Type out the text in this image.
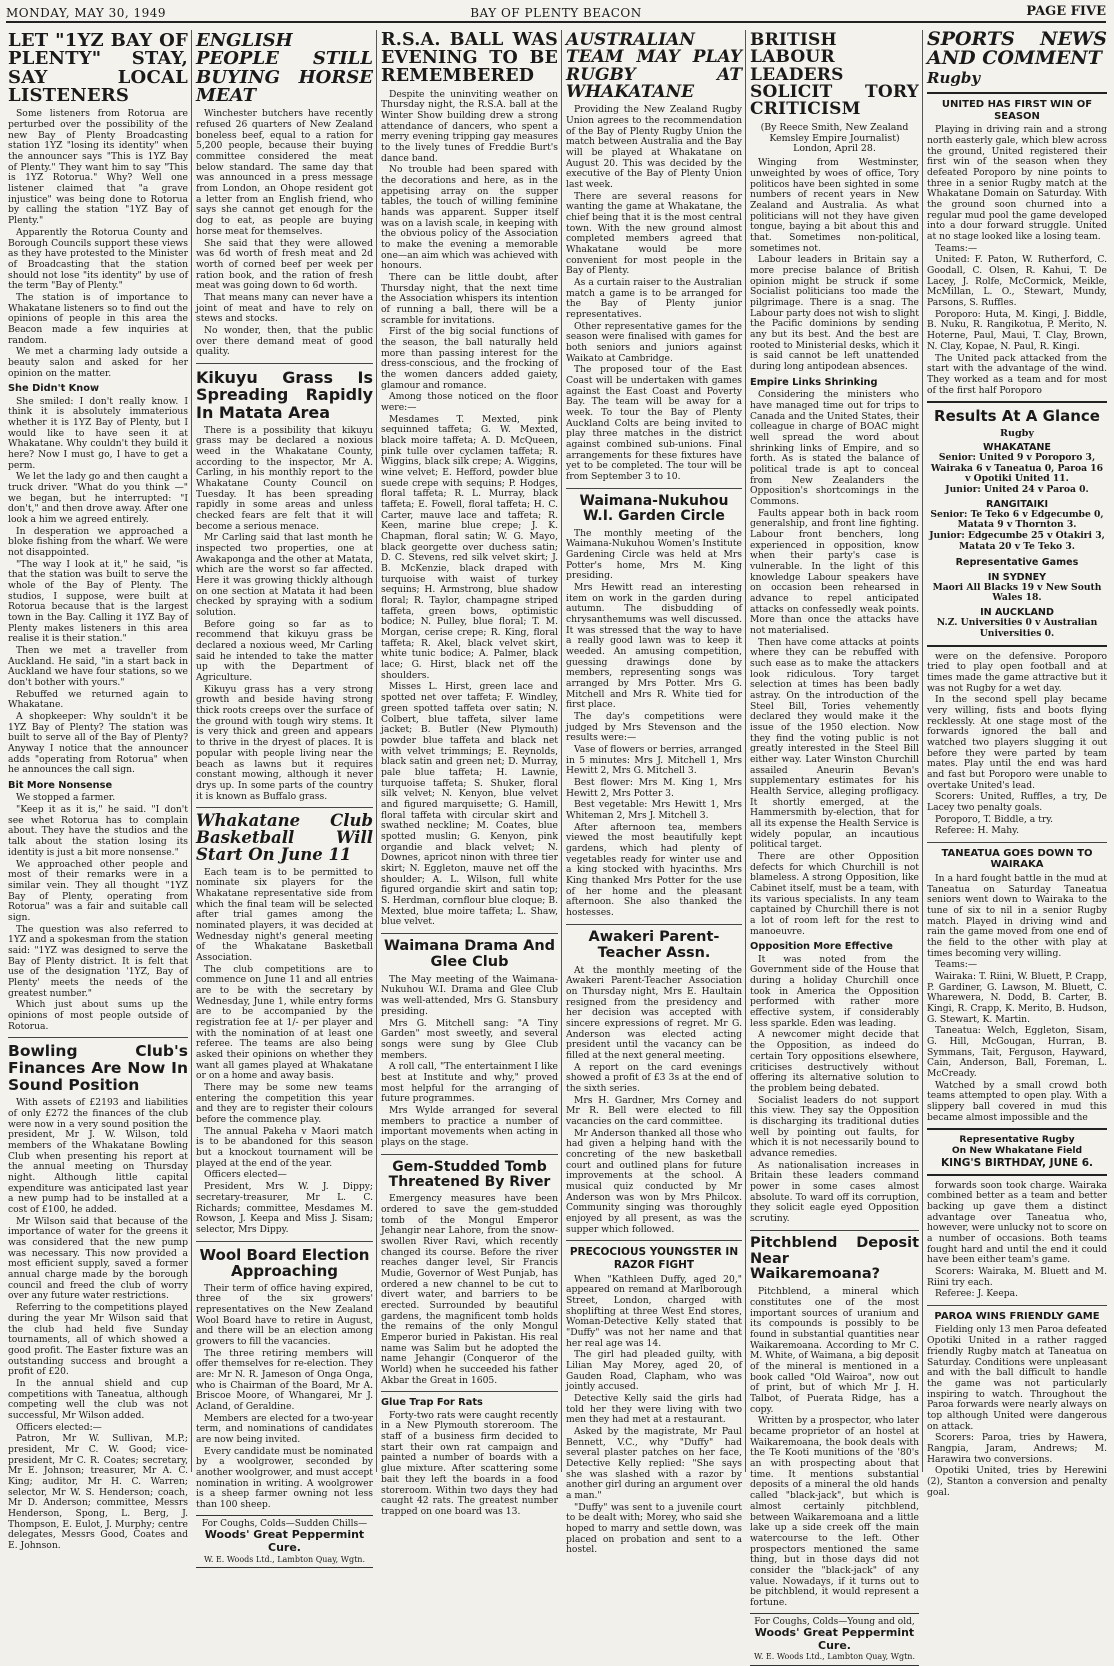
MONDAY, MAY 30, 1949	BAY OF PLENTY BEACON	PAGE FIVE
LET "1YZ BAY OF PLENTY" STAY, SAY LOCAL LISTENERS

Some listeners from Rotorua are perturbed over the possibility of the new Bay of Plenty Broadcasting station 1YZ "losing its identity" when the announcer says "This is 1YZ Bay of Plenty." They want him to say "This is 1YZ Rotorua." Why? Well one listener claimed that "a grave injustice" was being done to Rotorua by calling the station "1YZ Bay of Plenty."

Apparently the Rotorua County and Borough Councils support these views as they have protested to the Minister of Broadcasting that the station should not lose "its identity" by use of the term "Bay of Plenty."

The station is of importance to Whakatane listeners so to find out the opinions of people in this area the Beacon made a few inquiries at random.

We met a charming lady outside a beauty salon and asked for her opinion on the matter.

She Didn't Know

She smiled: I don't really know. I think it is absolutely immaterious whether it is 1YZ Bay of Plenty, but I would like to have seen it at Whakatane. Why couldn't they build it here? Now I must go, I have to get a perm.

We let the lady go and then caught a truck driver. "What do you think —" we began, but he interrupted: "I don't," and then drove away. After one look a him we agreed entirely.

In desperation we approached a bloke fishing from the wharf. We were not disappointed.

"The way I look at it," he said, "is that the station was built to serve the whole of the Bay of Plenty. The studios, I suppose, were built at Rotorua because that is the largest town in the Bay. Calling it 1YZ Bay of Plenty makes listeners in this area realise it is their station."

Then we met a traveller from Auckland. He said, "in a start back in Auckland we have four stations, so we don't bother with yours."

Rebuffed we returned again to Whakatane.

A shopkeeper: Why souldn't it be 1YZ Bay of Plenty? The station was built to serve all of the Bay of Plenty? Anyway I notice that the announcer adds "operating from Rotorua" when he announces the call sign.

Bit More Nonsense

We stopped a farmer.

"Keep it as it is," he said. "I don't see whet Rotorua has to complain about. They have the studios and the talk about the station losing its identity is just a bit more nonsense."

We approached other people and most of their remarks were in a similar vein. They all thought "1YZ Bay of Plenty, operating from Rotorua" was a fair and suitable call sign.

The question was also referred to 1YZ and a spokesman from the station said: "1YZ was designed to serve the Bay of Plenty district. It is felt that use of the designation '1YZ, Bay of Plenty' meets the needs of the greatest number."

Which just about sums up the opinions of most people outside of Rotorua.

Bowling Club's Finances Are Now In Sound Position

With assets of £2193 and liabilities of only £272 the finances of the club were now in a very sound position the president, Mr J. W. Wilson, told members of the Whakatane Bowling Club when presenting his report at the annual meeting on Thursday night. Although little capital expenditure was anticipated last year a new pump had to be installed at a cost of £100, he added.

Mr Wilson said that because of the importance of water for the greens it was considered that the new pump was necessary. This now provided a most efficient supply, saved a former annual charge made by the borough council and freed the club of worry over any future water restrictions.

Referring to the competitions played during the year Mr Wilson said that the club had held five Sunday tournaments, all of which showed a good profit. The Easter fixture was an outstanding success and brought a profit of £20.

In the annual shield and cup competitions with Taneatua, although competing well the club was not successful, Mr Wilson added.

Officers elected:—

Patron, Mr W. Sullivan, M.P.; president, Mr C. W. Good; vice-president, Mr C. R. Coates; secretary, Mr E. Johnson; treasurer, Mr A. C. King; auditor, Mr H. C. Warren; selector, Mr W. S. Henderson; coach, Mr D. Anderson; committee, Messrs Henderson, Spong, L. Berg, J. Thompson, E. Eulot, J. Murphy; centre delegates, Messrs Good, Coates and E. Johnson.

ENGLISH PEOPLE STILL BUYING HORSE MEAT

Winchester butchers have recently refused 26 quarters of New Zealand boneless beef, equal to a ration for 5,200 people, because their buying committee considered the meat below standard. The same day that was announced in a press message from London, an Ohope resident got a letter from an English friend, who says she cannot get enough for the dog to eat, as people are buying horse meat for themselves.

She said that they were allowed was 6d worth of fresh meat and 2d worth of corned beef per week per ration book, and the ration of fresh meat was going down to 6d worth.

That means many can never have a joint of meat and have to rely on stews and stocks.

No wonder, then, that the public over there demand meat of good quality.

Kikuyu Grass Is Spreading Rapidly In Matata Area

There is a possibility that kikuyu grass may be declared a noxious weed in the Whakatane County, according to the inspector, Mr A. Carling, in his monthly report to the Whakatane County Council on Tuesday. It has been spreading rapidly in some areas and unless checked fears are felt that it will become a serious menace.

Mr Carling said that last month he inspected two properties, one at Awakaponga and the other at Matata, which are the worst so far affected. Here it was growing thickly although on one section at Matata it had been checked by spraying with a sodium solution.

Before going so far as to recommend that kikuyu grass be declared a noxious weed, Mr Carling said he intended to take the matter up with the Department of Agriculture.

Kikuyu grass has a very strong growth and beside having strong thick roots creeps over the surface of the ground with tough wiry stems. It is very thick and green and appears to thrive in the dryest of places. It is popular with people living near the beach as lawns but it requires constant mowing, although it never drys up. In some parts of the country it is known as Buffalo grass.

Whakatane Club Basketball Will Start On June 11

Each team is to be permitted to nominate six players for the Whakatane representative side from which the final team will be selected after trial games among the nominated players, it was decided at Wednesday night's general meeting of the Whakatane Basketball Association.

The club competitions are to commence on June 11 and all entries are to be with the secretary by Wednesday, June 1, while entry forms are to be accompanied by the registration fee at 1/- per player and with the nomination of at least one referee. The teams are also being asked their opinions on whether they want all games played at Whakatane or on a home and away basis.

There may be some new teams entering the competition this year and they are to register their colours before the commence play.

The annual Pakeha v Maori match is to be abandoned for this season but a knockout tournament will be played at the end of the year.

Officers elected—

President, Mrs W. J. Dippy; secretary-treasurer, Mr L. C. Richards; committee, Mesdames M. Rowson, J. Keepa and Miss J. Sisam; selector, Mrs Dippy.

Wool Board Election Approaching

Their term of office having expired, three of the six growers' representatives on the New Zealand Wool Board have to retire in August, and there will be an election among growers to fill the vacancies.

The three retiring members will offer themselves for re-election. They are: Mr N. R. Jameson of Onga Onga, who is Chairman of the Board, Mr A. Briscoe Moore, of Whangarei, Mr J. Acland, of Geraldine.

Members are elected for a two-year term, and nominations of candidates are now being invited.

Every candidate must be nominated by a woolgrower, seconded by another woolgrower, and must accept nomination in writing. A woolgrower is a sheep farmer owning not less than 100 sheep.

For Coughs, Colds—Sudden Chills—
Woods' Great Peppermint Cure.
W. E. Woods Ltd., Lambton Quay, Wgtn.
R.S.A. BALL WAS EVENING TO BE REMEMBERED

Despite the uninviting weather on Thursday night, the R.S.A. ball at the Winter Show building drew a strong attendance of dancers, who spent a merry evening tripping gay measures to the lively tunes of Freddie Burt's dance band.

No trouble had been spared with the decorations and here, as in the appetising array on the supper tables, the touch of willing feminine hands was apparent. Supper itself was on a lavish scale, in keeping with the obvious policy of the Association to make the evening a memorable one—an aim which was achieved with honours.

There can be little doubt, after Thursday night, that the next time the Association whispers its intention of running a ball, there will be a scramble for invitations.

First of the big social functions of the season, the ball naturally held more than passing interest for the dress-conscious, and the frocking of the women dancers added gaiety, glamour and romance.

Among those noticed on the floor were:—

Mesdames T. Mexted, pink sequinned taffeta; G. W. Mexted, black moire taffeta; A. D. McQueen, pink tulle over cyclamen taffeta; R. Wiggins, black silk crepe; A. Wiggins, wine velvet; E. Hefford, powder blue suede crepe with sequins; P. Hodges, floral taffeta; R. L. Murray, black taffeta; E. Fowell, floral taffeta; H. C. Carter, mauve lace and taffeta; R. Keen, marine blue crepe; J. K. Chapman, floral satin; W. G. Mayo, black georgette over duchess satin; D. C. Stevens, red silk velvet skirt; J. B. McKenzie, black draped with turquoise with waist of turkey sequins; H. Armstrong, blue shadow floral; R. Taylor, champagne striped taffeta, green bows, optimistic bodice; N. Pulley, blue floral; T. M. Morgan, cerise crepe; R. King, floral taffeta; R. Akel, black velvet skirt, white tunic bodice; A. Palmer, black lace; G. Hirst, black net off the shoulders.

Misses L. Hirst, green lace and spotted net over taffeta; F. Windley, green spotted taffeta over satin; N. Colbert, blue taffeta, silver lame jacket; B. Butler (New Plymouth) powder blue taffeta and black net with velvet trimmings; E. Reynolds, black satin and green net; D. Murray, pale blue taffeta; H. Lawnie, turquoise taffeta; S. Shuker, floral silk velvet; N. Kenyon, blue velvet and figured marquisette; G. Hamill, floral taffeta with circular skirt and swathed neckline; M. Coates, blue spotted muslin; G. Kenyon, pink organdie and black velvet; N. Downes, apricot ninon with three tier skirt; N. Eggleton, mauve net off the shoulder; A. L. Wilson, full white figured organdie skirt and satin top; S. Herdman, cornflour blue cloque; B. Mexted, blue moire taffeta; L. Shaw, blue velvet.

Waimana Drama And Glee Club

The May meeting of the Waimana-Nukuhou W.I. Drama and Glee Club was well-attended, Mrs G. Stansbury presiding.

Mrs G. Mitchell sang: "A Tiny Garden" most sweetly, and several songs were sung by Glee Club members.

A roll call, "The entertainment I like best at Institute and why," proved most helpful for the arranging of future programmes.

Mrs Wylde arranged for several members to practice a number of important movements when acting in plays on the stage.

Gem-Studded Tomb Threatened By River

Emergency measures have been ordered to save the gem-studded tomb of the Mongul Emperor Jehangir near Lahore, from the snow-swollen River Ravi, which recently changed its course. Before the river reaches danger level, Sir Francis Mudie, Governor of West Punjab, has ordered a new channel to be cut to divert water, and barriers to be erected. Surrounded by beautiful gardens, the magnificent tomb holds the remains of the only Mongul Emperor buried in Pakistan. His real name was Salim but he adopted the name Jehangir (Conqueror of the World) when he succeeded his father Akbar the Great in 1605.

Glue Trap For Rats

Forty-two rats were caught recently in a New Plymouth storeroom. The staff of a business firm decided to start their own rat campaign and painted a number of boards with a glue mixture. After scattering some bait they left the boards in a food storeroom. Within two days they had caught 42 rats. The greatest number trapped on one board was 13.

AUSTRALIAN TEAM MAY PLAY RUGBY AT WHAKATANE

Providing the New Zealand Rugby Union agrees to the recommendation of the Bay of Plenty Rugby Union the match between Australia and the Bay will be played at Whakatane on August 20. This was decided by the executive of the Bay of Plenty Union last week.

There are several reasons for wanting the game at Whakatane, the chief being that it is the most central town. With the new ground almost completed members agreed that Whakatane would be more convenient for most people in the Bay of Plenty.

As a curtain raiser to the Australian match a game is to be arranged for the Bay of Plenty junior representatives.

Other representative games for the season were finalised with games for both seniors and juniors against Waikato at Cambridge.

The proposed tour of the East Coast will be undertaken with games against the East Coast and Poverty Bay. The team will be away for a week. To tour the Bay of Plenty Auckland Colts are being invited to play three matches in the district against combined sub-unions. Final arrangements for these fixtures have yet to be completed. The tour will be from September 3 to 10.

Waimana-Nukuhou W.I. Garden Circle

The monthly meeting of the Waimana-Nukuhou Women's Institute Gardening Circle was held at Mrs Potter's home, Mrs M. King presiding.

Mrs Hewitt read an interesting item on work in the garden during autumn. The disbudding of chrysanthemums was well discussed. It was stressed that the way to have a really good lawn was to keep it weeded. An amusing competition, guessing drawings done by members, representing songs was arranged by Mrs Potter. Mrs G. Mitchell and Mrs R. White tied for first place.

The day's competitions were judged by Mrs Stevenson and the results were:—

Vase of flowers or berries, arranged in 5 minutes: Mrs J. Mitchell 1, Mrs Hewitt 2, Mrs G. Mitchell 3.

Best flower: Mrs M. King 1, Mrs Hewitt 2, Mrs Potter 3.

Best vegetable: Mrs Hewitt 1, Mrs Whiteman 2, Mrs J. Mitchell 3.

After afternoon tea, members viewed the most beautifully kept gardens, which had plenty of vegetables ready for winter use and a king stocked with hyacinths. Mrs King thanked Mrs Potter for the use of her home and the pleasant afternoon. She also thanked the hostesses.

Awakeri Parent-Teacher Assn.

At the monthly meeting of the Awakeri Parent-Teacher Association on Thursday night, Mrs E. Haultain resigned from the presidency and her decision was accepted with sincere expressions of regret. Mr G. Anderson was elected acting president until the vacancy can be filled at the next general meeting.

A report on the card evenings showed a profit of £3 3s at the end of the sixth series.

Mrs H. Gardner, Mrs Corney and Mr R. Bell were elected to fill vacancies on the card committee.

Mr Anderson thanked all those who had given a helping hand with the concreting of the new basketball court and outlined plans for future improvements at the school. A musical quiz conducted by Mr Anderson was won by Mrs Philcox. Community singing was thoroughly enjoyed by all present, as was the supper which followed.

PRECOCIOUS YOUNGSTER IN RAZOR FIGHT

When "Kathleen Duffy, aged 20," appeared on remand at Marlborough Street, London, charged with shoplifting at three West End stores, Woman-Detective Kelly stated that "Duffy" was not her name and that her real age was 14.

The girl had pleaded guilty, with Lilian May Morey, aged 20, of Gauden Road, Clapham, who was jointly accused.

Detective Kelly said the girls had told her they were living with two men they had met at a restaurant.

Asked by the magistrate, Mr Paul Bennett, V.C., why "Duffy" had several plaster patches on her face, Detective Kelly replied: "She says she was slashed with a razor by another girl during an argument over a man."

"Duffy" was sent to a juvenile court to be dealt with; Morey, who said she hoped to marry and settle down, was placed on probation and sent to a hostel.

BRITISH LABOUR LEADERS SOLICIT TORY CRITICISM
(By Reece Smith, New Zealand
Kemsley Empire Journalist)
London, April 28.

Winging from Westminster, unweighted by woes of office, Tory politicos have been sighted in some numbers of recent years in New Zealand and Australia. As what politicians will not they have given tongue, baying a bit about this and that. Sometimes non-political, sometimes not.

Labour leaders in Britain say a more precise balance of British opinion might be struck if some Socialist politicians too made the pilgrimage. There is a snag. The Labour party does not wish to slight the Pacific dominions by sending any but its best. And the best are rooted to Ministerial desks, which it is said cannot be left unattended during long antipodean absences.

Empire Links Shrinking

Considering the ministers who have managed time out for trips to Canada and the United States, their colleague in charge of BOAC might well spread the word about shrinking links of Empire, and so forth. As is stated the balance of political trade is apt to conceal from New Zealanders the Opposition's shortcomings in the Commons.

Faults appear both in back room generalship, and front line fighting. Labour front benchers, long experienced in opposition, know when their party's case is vulnerable. In the light of this knowledge Labour speakers have on occasion been rehearsed in advance to repel anticipated attacks on confessedly weak points. More than once the attacks have not materialised.

Then have come attacks at points where they can be rebuffed with such ease as to make the attackers look ridiculous. Tory target selection at times has been badly astray. On the introduction of the Steel Bill, Tories vehemently declared they would make it the issue of the 1950 election. Now they find the voting public is not greatly interested in the Steel Bill either way. Later Winston Churchill assailed Aneurin Bevan's supplementary estimates for his Health Service, alleging profligacy. It shortly emerged, at the Hammersmith by-election, that for all its expense the Health Service is widely popular, an incautious political target.

There are other Opposition defects for which Churchill is not blameless. A strong Opposition, like Cabinet itself, must be a team, with its various specialists. In any team captained by Churchill there is not a lot of room left for the rest to manoeuvre.

Opposition More Effective

It was noted from the Government side of the House that during a holiday Churchill once took in America the Opposition performed with rather more effective system, if considerably less sparkle. Eden was leading.

A newcomer might decide that the Opposition, as indeed do certain Tory oppositions elsewhere, criticises destructively without offering its alternative solution to the problem being debated.

Socialist leaders do not support this view. They say the Opposition is discharging its traditional duties well by pointing out faults, for which it is not necessarily bound to advance remedies.

As nationalisation increases in Britain these leaders command power in some cases almost absolute. To ward off its corruption, they solicit eagle eyed Opposition scrutiny.

Pitchblend Deposit Near Waikaremoana?

Pitchblend, a mineral which constitutes one of the most important sources of uranium and its compounds is possibly to be found in substantial quantities near Waikaremoana. According to Mr C. M. White, of Waimana, a big deposit of the mineral is mentioned in a book called "Old Wairoa", now out of print, but of which Mr J. H. Talbot, of Puerata Ridge, has a copy.

Written by a prospector, who later became proprietor of an hostel at Waikaremoana, the book deals with the Te Kooti munitions of the '80's an with prospecting about that time. It mentions substantial deposits of a mineral the old hands called "black-jack", but which is almost certainly pitchblend, between Waikaremoana and a little lake up a side creek off the main watercourse to the left. Other prospectors mentioned the same thing, but in those days did not consider the "black-jack" of any value. Nowadays, if it turns out to be pitchblend, it would represent a fortune.

For Coughs, Colds—Young and old,
Woods' Great Peppermint Cure.
W. E. Woods Ltd., Lambton Quay, Wgtn.
SPORTS NEWS AND COMMENT
Rugby
UNITED HAS FIRST WIN OF SEASON

Playing in driving rain and a strong north easterly gale, which blew across the ground, United registered their first win of the season when they defeated Poroporo by nine points to three in a senior Rugby match at the Whakatane Domain on Saturday. With the ground soon churned into a regular mud pool the game developed into a dour forward struggle. United at no stage looked like a losing team.

Teams:—

United: F. Paton, W. Rutherford, C. Goodall, C. Olsen, R. Kahui, T. De Lacey, J. Rolfe, McCormick, Meikle, McMillan, L. O., Stewart, Mundy, Parsons, S. Ruffles.

Poroporo: Huta, M. Kingi, J. Biddle, B. Nuku, R. Rangikotua, P. Merito, N. Hoterne, Paul, Maui, T. Clay, Brown, N. Clay, Kopae, N. Paul, R. Kingi.

The United pack attacked from the start with the advantage of the wind. They worked as a team and for most of the first half Poroporo

Results At A Glance
Rugby
WHAKATANE
Senior: United 9 v Poroporo 3, Wairaka 6 v Taneatua 0, Paroa 16 v Opotiki United 11.
Junior: United 24 v Paroa 0.
RANGITAIKI
Senior: Te Teko 6 v Edgecumbe 0, Matata 9 v Thornton 3.
Junior: Edgecumbe 25 v Otakiri 3, Matata 20 v Te Teko 3.
Representative Games
IN SYDNEY
Maori All Blacks 19 v New South Wales 18.
IN AUCKLAND
N.Z. Universities 0 v Australian Universities 0.

were on the defensive. Poroporo tried to play open football and at times made the game attractive but it was not Rugby for a wet day.

In the second spell play became very willing, fists and boots flying recklessly. At one stage most of the forwards ignored the ball and watched two players slugging it out before they were parted by team mates. Play until the end was hard and fast but Poroporo were unable to overtake United's lead.

Scorers: United, Ruffles, a try, De Lacey two penalty goals.

Poroporo, T. Biddle, a try.

Referee: H. Mahy.

TANEATUA GOES DOWN TO WAIRAKA

In a hard fought battle in the mud at Taneatua on Saturday Taneatua seniors went down to Wairaka to the tune of six to nil in a senior Rugby match. Played in driving wind and rain the game moved from one end of the field to the other with play at times becoming very willing.

Teams:—

Wairaka: T. Riini, W. Bluett, P. Crapp, P. Gardiner, G. Lawson, M. Bluett, C. Wharewera, N. Dodd, B. Carter, B. Kingi, R. Crapp, K. Merito, B. Hudson, G. Stewart, K. Martin.

Taneatua: Welch, Eggleton, Sisam, G. Hill, McGougan, Hurran, B. Symmans, Tait, Ferguson, Hayward, Cain, Anderson, Ball, Foreman, L. McCready.

Watched by a small crowd both teams attempted to open play. With a slippery ball covered in mud this became almost impossible and the

Representative Rugby
On New Whakatane Field
KING'S BIRTHDAY, JUNE 6.

forwards soon took charge. Wairaka combined better as a team and better backing up gave them a distinct advantage over Taneatua who, however, were unlucky not to score on a number of occasions. Both teams fought hard and until the end it could have been either team's game.

Scorers: Wairaka, M. Bluett and M. Riini try each.

Referee: J. Keepa.

PAROA WINS FRIENDLY GAME

Fielding only 13 men Paroa defeated Opotiki United in a rather ragged friendly Rugby match at Taneatua on Saturday. Conditions were unpleasant and with the ball difficult to handle the game was not particularly inspiring to watch. Throughout the Paroa forwards were nearly always on top although United were dangerous on attack.

Scorers: Paroa, tries by Hawera, Rangpia, Jaram, Andrews; M. Harawira two conversions.

Opotiki United, tries by Herewini (2), Stanton a conversion and penalty goal.
